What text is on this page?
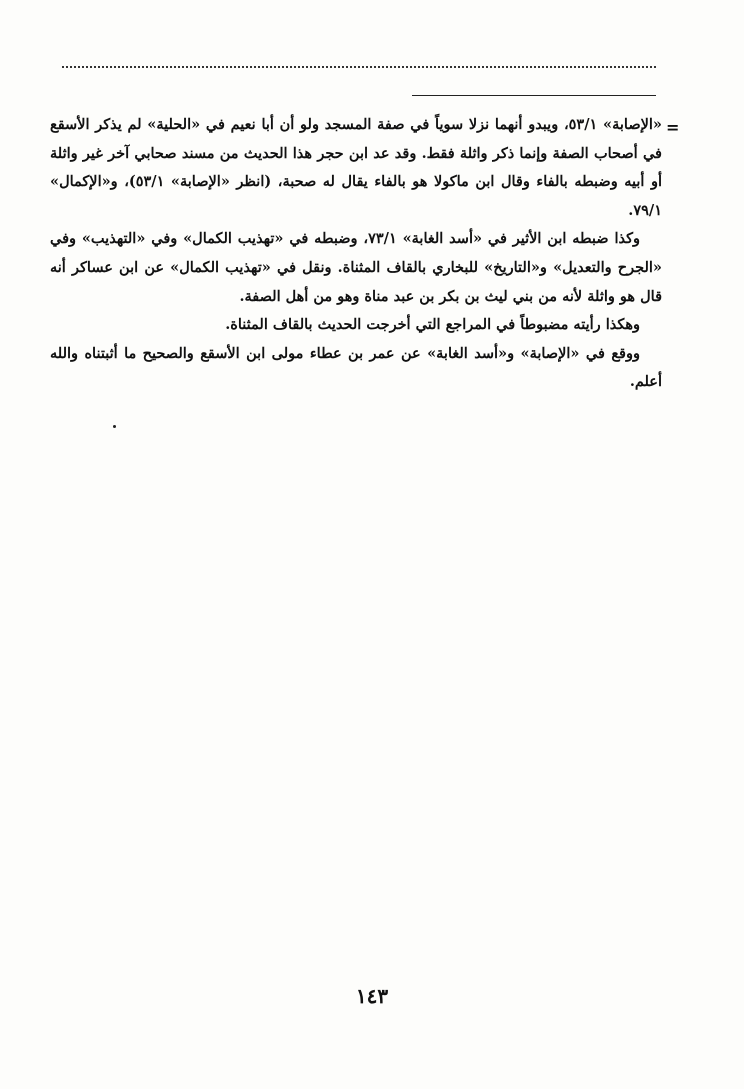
=

«الإصابة» ٥٣/١، ويبدو أنهما نزلا سوياً في صفة المسجد ولو أن أبا نعيم في «الحلية» لم يذكر الأسقع في أصحاب الصفة وإنما ذكر واثلة فقط. وقد عد ابن حجر هذا الحديث من مسند صحابي آخر غير واثلة أو أبيه وضبطه بالفاء وقال ابن ماكولا هو بالفاء يقال له صحبة، (انظر «الإصابة» ٥٣/١)، و«الإكمال» ٧٩/١.

وكذا ضبطه ابن الأثير في «أسد الغابة» ٧٣/١، وضبطه في «تهذيب الكمال» وفي «التهذيب» وفي «الجرح والتعديل» و«التاريخ» للبخاري بالقاف المثناة. ونقل في «تهذيب الكمال» عن ابن عساكر أنه قال هو واثلة لأنه من بني ليث بن بكر بن عبد مناة وهو من أهل الصفة.

وهكذا رأيته مضبوطاً في المراجع التي أخرجت الحديث بالقاف المثناة.

ووقع في «الإصابة» و«أسد الغابة» عن عمر بن عطاء مولى ابن الأسقع والصحيح ما أثبتناه والله أعلم.

١٤٣
